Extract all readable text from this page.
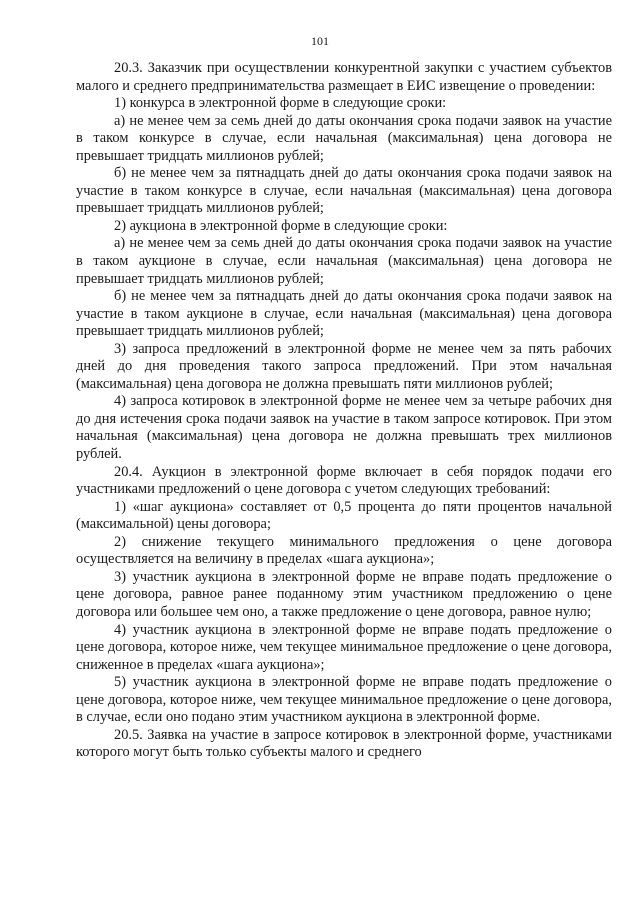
101

20.3. Заказчик при осуществлении конкурентной закупки с участием субъектов малого и среднего предпринимательства размещает в ЕИС извещение о проведении:

1) конкурса в электронной форме в следующие сроки:

а) не менее чем за семь дней до даты окончания срока подачи заявок на участие в таком конкурсе в случае, если начальная (максимальная) цена договора не превышает тридцать миллионов рублей;

б) не менее чем за пятнадцать дней до даты окончания срока подачи заявок на участие в таком конкурсе в случае, если начальная (максимальная) цена договора превышает тридцать миллионов рублей;

2) аукциона в электронной форме в следующие сроки:

а) не менее чем за семь дней до даты окончания срока подачи заявок на участие в таком аукционе в случае, если начальная (максимальная) цена договора не превышает тридцать миллионов рублей;

б) не менее чем за пятнадцать дней до даты окончания срока подачи заявок на участие в таком аукционе в случае, если начальная (максимальная) цена договора превышает тридцать миллионов рублей;

3) запроса предложений в электронной форме не менее чем за пять рабочих дней до дня проведения такого запроса предложений. При этом начальная (максимальная) цена договора не должна превышать пяти миллионов рублей;

4) запроса котировок в электронной форме не менее чем за четыре рабочих дня до дня истечения срока подачи заявок на участие в таком запросе котировок. При этом начальная (максимальная) цена договора не должна превышать трех миллионов рублей.

20.4. Аукцион в электронной форме включает в себя порядок подачи его участниками предложений о цене договора с учетом следующих требований:

1) «шаг аукциона» составляет от 0,5 процента до пяти процентов начальной (максимальной) цены договора;

2) снижение текущего минимального предложения о цене договора осуществляется на величину в пределах «шага аукциона»;

3) участник аукциона в электронной форме не вправе подать предложение о цене договора, равное ранее поданному этим участником предложению о цене договора или большее чем оно, а также предложение о цене договора, равное нулю;

4) участник аукциона в электронной форме не вправе подать предложение о цене договора, которое ниже, чем текущее минимальное предложение о цене договора, сниженное в пределах «шага аукциона»;

5) участник аукциона в электронной форме не вправе подать предложение о цене договора, которое ниже, чем текущее минимальное предложение о цене договора, в случае, если оно подано этим участником аукциона в электронной форме.

20.5. Заявка на участие в запросе котировок в электронной форме, участниками которого могут быть только субъекты малого и среднего
